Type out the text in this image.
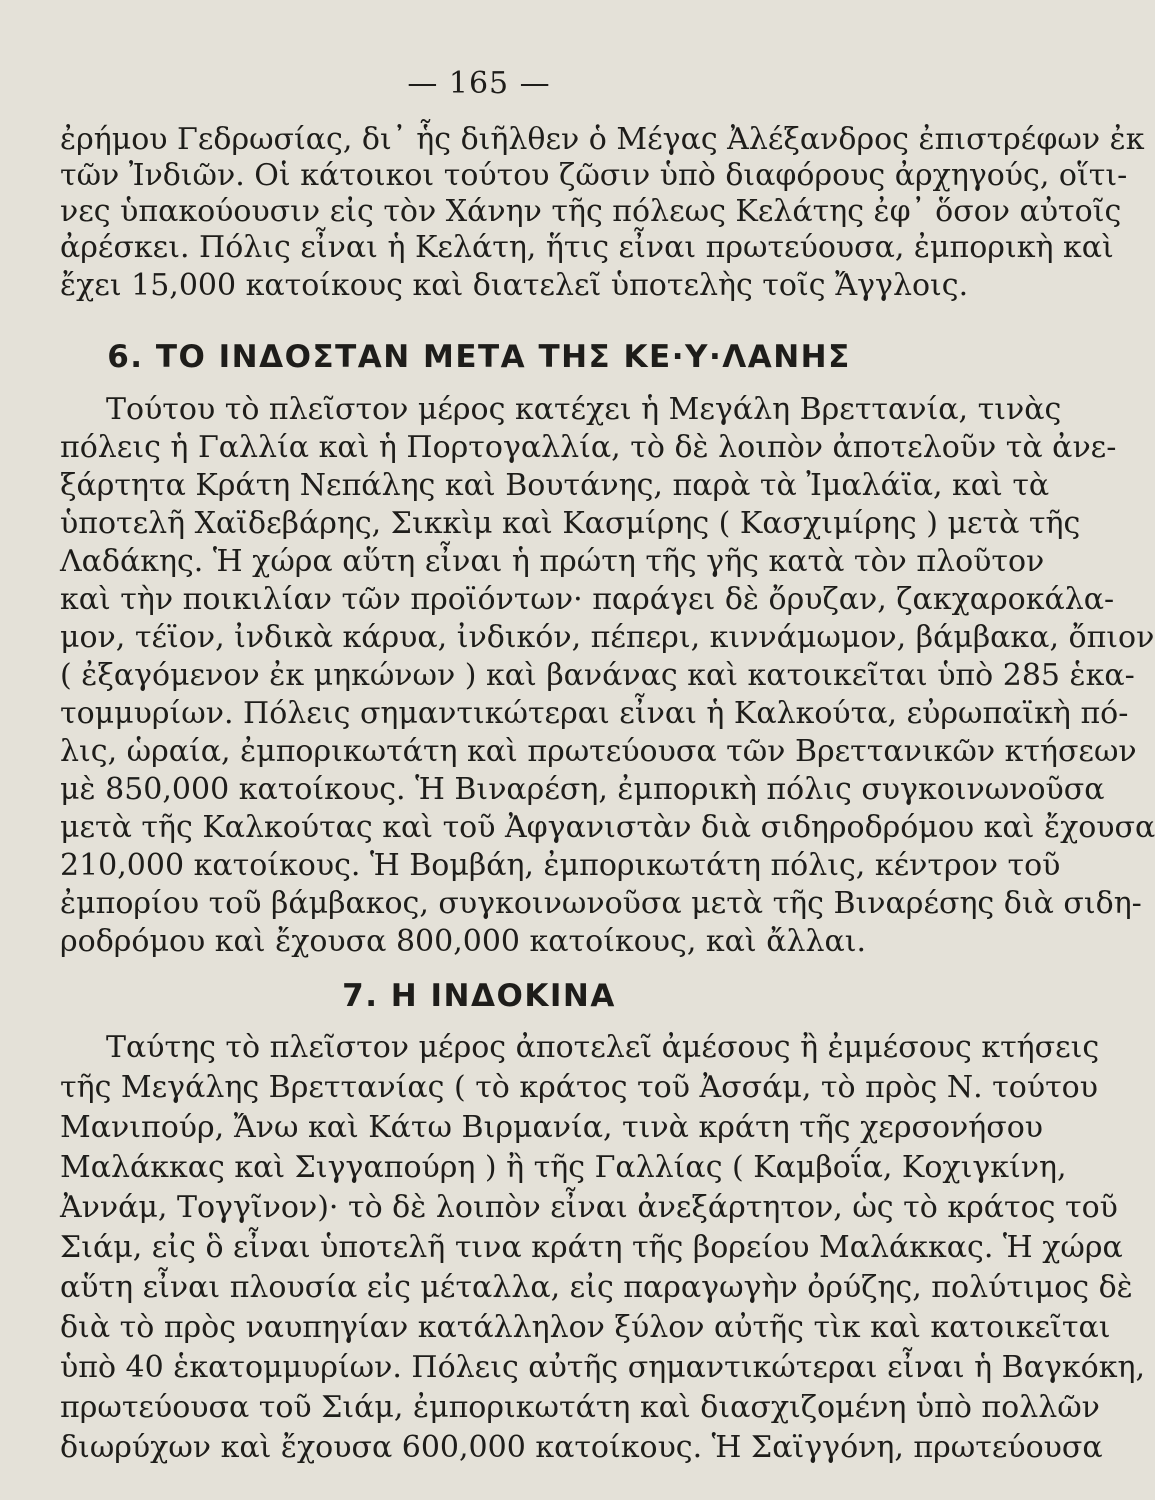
— 165 —
ἐρήμου Γεδρωσίας, δι᾿ ἧς διῆλθεν ὁ Μέγας Ἀλέξανδρος ἐπιστρέφων ἐκ
τῶν Ἰνδιῶν. Οἱ κάτοικοι τούτου ζῶσιν ὑπὸ διαφόρους ἀρχηγούς, οἵτι-
νες ὑπακούουσιν εἰς τὸν Χάνην τῆς πόλεως Κελάτης ἐφ᾿ ὅσον αὐτοῖς
ἀρέσκει. Πόλις εἶναι ἡ Κελάτη, ἥτις εἶναι πρωτεύουσα, ἐμπορικὴ καὶ
ἔχει 15,000 κατοίκους καὶ διατελεῖ ὑποτελὴς τοῖς Ἄγγλοις.
6. ΤΟ ΙΝΔΟΣΤΑΝ ΜΕΤΑ ΤΗΣ ΚΕ·Υ·ΛΑΝΗΣ
Τούτου τὸ πλεῖστον μέρος κατέχει ἡ Μεγάλη Βρεττανία, τινὰς
πόλεις ἡ Γαλλία καὶ ἡ Πορτογαλλία, τὸ δὲ λοιπὸν ἀποτελοῦν τὰ ἀνε-
ξάρτητα Κράτη Νεπάλης καὶ Βουτάνης, παρὰ τὰ Ἰμαλάϊα, καὶ τὰ
ὑποτελῆ Χαϊδεβάρης, Σικκὶμ καὶ Κασμίρης ( Κασχιμίρης ) μετὰ τῆς
Λαδάκης. Ἡ χώρα αὕτη εἶναι ἡ πρώτη τῆς γῆς κατὰ τὸν πλοῦτον
καὶ τὴν ποικιλίαν τῶν προϊόντων· παράγει δὲ ὄρυζαν, ζακχαροκάλα-
μον, τέϊον, ἰνδικὰ κάρυα, ἰνδικόν, πέπερι, κιννάμωμον, βάμβακα, ὄπιον
( ἐξαγόμενον ἐκ μηκώνων ) καὶ βανάνας καὶ κατοικεῖται ὑπὸ 285 ἑκα-
τομμυρίων. Πόλεις σημαντικώτεραι εἶναι ἡ Καλκούτα, εὐρωπαϊκὴ πό-
λις, ὡραία, ἐμπορικωτάτη καὶ πρωτεύουσα τῶν Βρεττανικῶν κτήσεων
μὲ 850,000 κατοίκους. Ἡ Βιναρέση, ἐμπορικὴ πόλις συγκοινωνοῦσα
μετὰ τῆς Καλκούτας καὶ τοῦ Ἀφγανιστὰν διὰ σιδηροδρόμου καὶ ἔχουσα
210,000 κατοίκους. Ἡ Βομβάη, ἐμπορικωτάτη πόλις, κέντρον τοῦ
ἐμπορίου τοῦ βάμβακος, συγκοινωνοῦσα μετὰ τῆς Βιναρέσης διὰ σιδη-
ροδρόμου καὶ ἔχουσα 800,000 κατοίκους, καὶ ἄλλαι.
7. Η ΙΝΔΟΚΙΝΑ
Ταύτης τὸ πλεῖστον μέρος ἀποτελεῖ ἀμέσους ἢ ἐμμέσους κτήσεις
τῆς Μεγάλης Βρεττανίας ( τὸ κράτος τοῦ Ἀσσάμ, τὸ πρὸς Ν. τούτου
Μανιπούρ, Ἄνω καὶ Κάτω Βιρμανία, τινὰ κράτη τῆς χερσονήσου
Μαλάκκας καὶ Σιγγαπούρη ) ἢ τῆς Γαλλίας ( Καμβοΐα, Κοχιγκίνη,
Ἀννάμ, Τογγῖνον)· τὸ δὲ λοιπὸν εἶναι ἀνεξάρτητον, ὡς τὸ κράτος τοῦ
Σιάμ, εἰς ὃ εἶναι ὑποτελῆ τινα κράτη τῆς βορείου Μαλάκκας. Ἡ χώρα
αὕτη εἶναι πλουσία εἰς μέταλλα, εἰς παραγωγὴν ὀρύζης, πολύτιμος δὲ
διὰ τὸ πρὸς ναυπηγίαν κατάλληλον ξύλον αὐτῆς τὶκ καὶ κατοικεῖται
ὑπὸ 40 ἑκατομμυρίων. Πόλεις αὐτῆς σημαντικώτεραι εἶναι ἡ Βαγκόκη,
πρωτεύουσα τοῦ Σιάμ, ἐμπορικωτάτη καὶ διασχιζομένη ὑπὸ πολλῶν
διωρύχων καὶ ἔχουσα 600,000 κατοίκους. Ἡ Σαϊγγόνη, πρωτεύουσα
